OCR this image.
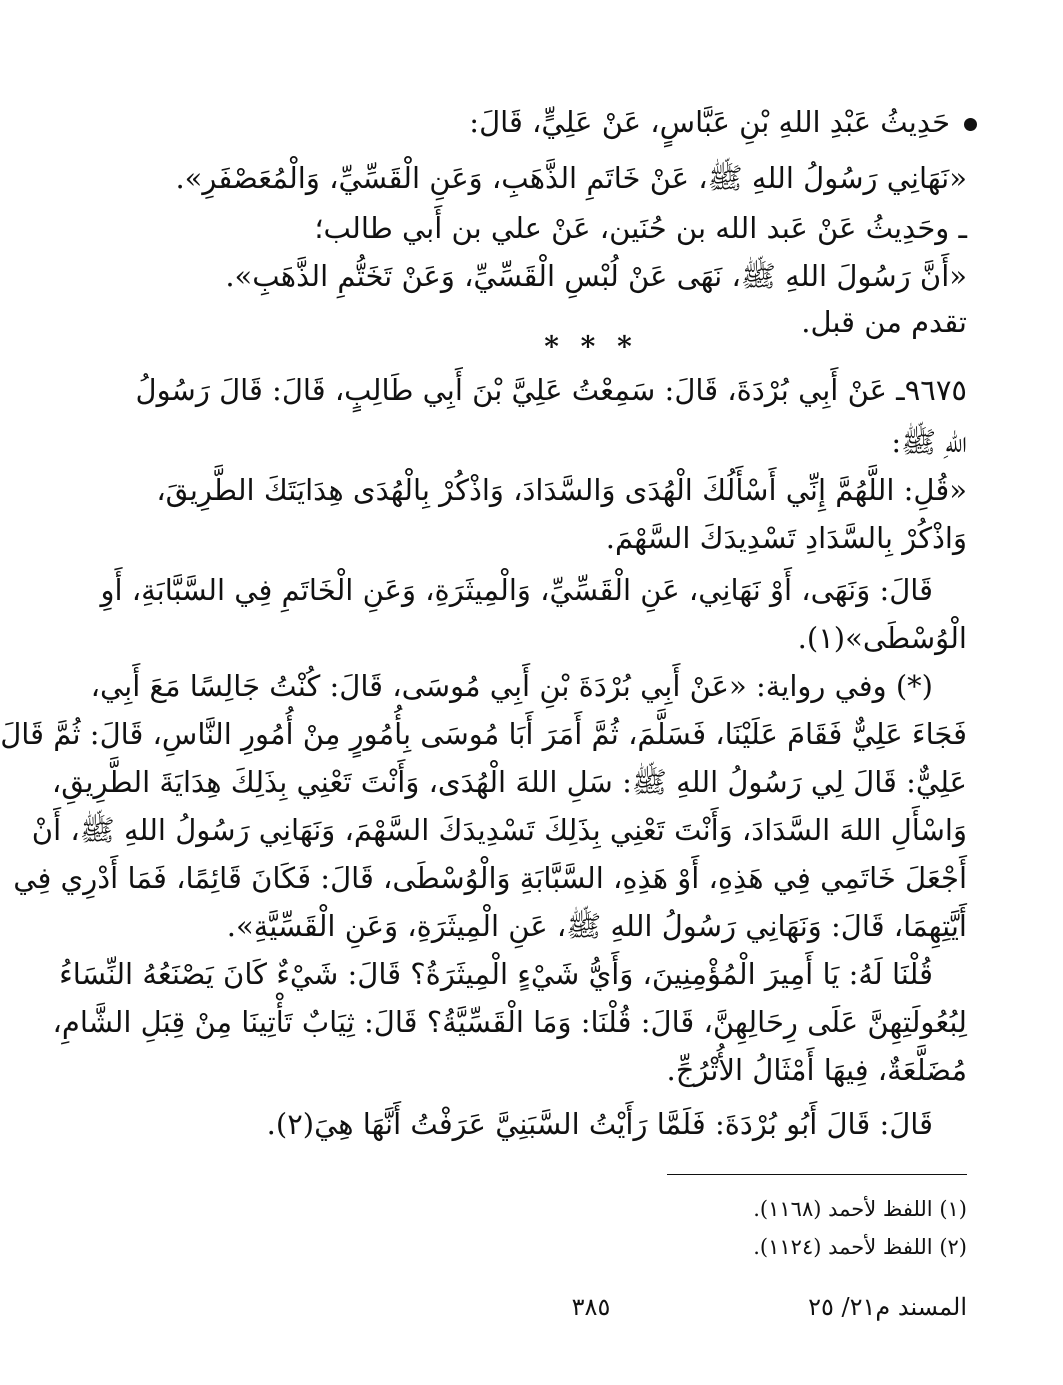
حَدِيثُ عَبْدِ اللهِ بْنِ عَبَّاسٍ، عَنْ عَلِيٍّ، قَالَ:
«نَهَانِي رَسُولُ اللهِ ﷺ، عَنْ خَاتَمِ الذَّهَبِ، وَعَنِ الْقَسِّيِّ، وَالْمُعَصْفَرِ».
ـ وحَدِيثُ عَنْ عَبد الله بن حُنَين، عَنْ علي بن أَبي طالب؛
«أَنَّ رَسُولَ اللهِ ﷺ، نَهَى عَنْ لُبْسِ الْقَسِّيِّ، وَعَنْ تَخَتُّمِ الذَّهَبِ».
تقدم من قبل.
* * *
٩٦٧٥ـ عَنْ أَبِي بُرْدَةَ، قَالَ: سَمِعْتُ عَلِيَّ بْنَ أَبِي طَالِبٍ، قَالَ: قَالَ رَسُولُ
اللهِ ﷺ:
«قُلِ: اللَّهُمَّ إِنِّي أَسْأَلُكَ الْهُدَى وَالسَّدَادَ، وَاذْكُرْ بِالْهُدَى هِدَايَتَكَ الطَّرِيقَ،
وَاذْكُرْ بِالسَّدَادِ تَسْدِيدَكَ السَّهْمَ.
قَالَ: وَنَهَى، أَوْ نَهَانِي، عَنِ الْقَسِّيِّ، وَالْمِيثَرَةِ، وَعَنِ الْخَاتَمِ فِي السَّبَّابَةِ، أَوِ
الْوُسْطَى»(١).
(*) وفي رواية: «عَنْ أَبِي بُرْدَةَ بْنِ أَبِي مُوسَى، قَالَ: كُنْتُ جَالِسًا مَعَ أَبِي،
فَجَاءَ عَلِيٌّ فَقَامَ عَلَيْنَا، فَسَلَّمَ، ثُمَّ أَمَرَ أَبَا مُوسَى بِأُمُورٍ مِنْ أُمُورِ النَّاسِ، قَالَ: ثُمَّ قَالَ
عَلِيٌّ: قَالَ لِي رَسُولُ اللهِ ﷺ: سَلِ اللهَ الْهُدَى، وَأَنْتَ تَعْنِي بِذَلِكَ هِدَايَةَ الطَّرِيقِ،
وَاسْأَلِ اللهَ السَّدَادَ، وَأَنْتَ تَعْنِي بِذَلِكَ تَسْدِيدَكَ السَّهْمَ، وَنَهَانِي رَسُولُ اللهِ ﷺ، أَنْ
أَجْعَلَ خَاتَمِي فِي هَذِهِ، أَوْ هَذِهِ، السَّبَّابَةِ وَالْوُسْطَى، قَالَ: فَكَانَ قَائِمًا، فَمَا أَدْرِي فِي
أَيَّتِهِمَا، قَالَ: وَنَهَانِي رَسُولُ اللهِ ﷺ، عَنِ الْمِيثَرَةِ، وَعَنِ الْقَسِّيَّةِ».
قُلْنَا لَهُ: يَا أَمِيرَ الْمُؤْمِنِينَ، وَأَيُّ شَيْءٍ الْمِيثَرَةُ؟ قَالَ: شَيْءٌ كَانَ يَصْنَعُهُ النِّسَاءُ
لِبُعُولَتِهِنَّ عَلَى رِحَالِهِنَّ، قَالَ: قُلْنَا: وَمَا الْقَسِّيَّةُ؟ قَالَ: ثِيَابٌ تَأْتِينَا مِنْ قِبَلِ الشَّامِ،
مُضَلَّعَةٌ، فِيهَا أَمْثَالُ الأُتْرُجِّ.
قَالَ: قَالَ أَبُو بُرْدَةَ: فَلَمَّا رَأَيْتُ السَّبَنِيَّ عَرَفْتُ أَنَّهَا هِيَ(٢).
(١) اللفظ لأحمد (١١٦٨).
(٢) اللفظ لأحمد (١١٢٤).
المسند م٢١/ ٢٥
٣٨٥
